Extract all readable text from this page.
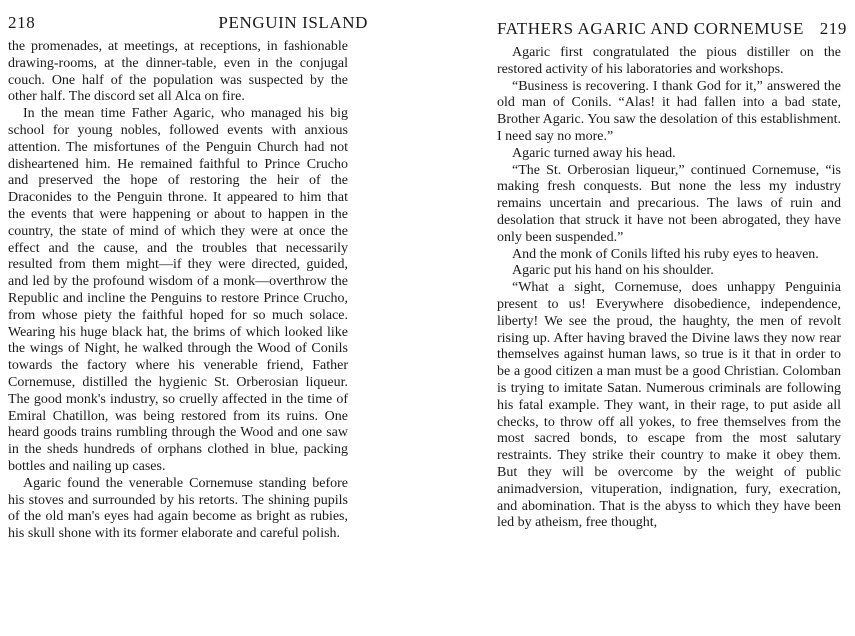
218	PENGUIN ISLAND

the promenades, at meetings, at receptions, in fashionable drawing-rooms, at the dinner-table, even in the conjugal couch. One half of the population was suspected by the other half. The discord set all Alca on fire.

In the mean time Father Agaric, who managed his big school for young nobles, followed events with anxious attention. The misfortunes of the Penguin Church had not disheartened him. He remained faithful to Prince Crucho and preserved the hope of restoring the heir of the Draconides to the Penguin throne. It appeared to him that the events that were happening or about to happen in the country, the state of mind of which they were at once the effect and the cause, and the troubles that necessarily resulted from them might—if they were directed, guided, and led by the profound wisdom of a monk—overthrow the Republic and incline the Penguins to restore Prince Crucho, from whose piety the faithful hoped for so much solace. Wearing his huge black hat, the brims of which looked like the wings of Night, he walked through the Wood of Conils towards the factory where his venerable friend, Father Cornemuse, distilled the hygienic St. Orberosian liqueur. The good monk's industry, so cruelly affected in the time of Emiral Chatillon, was being restored from its ruins. One heard goods trains rumbling through the Wood and one saw in the sheds hundreds of orphans clothed in blue, packing bottles and nailing up cases.

Agaric found the venerable Cornemuse standing before his stoves and surrounded by his retorts. The shining pupils of the old man's eyes had again become as bright as rubies, his skull shone with its former elaborate and careful polish.

FATHERS AGARIC AND CORNEMUSE 219

Agaric first congratulated the pious distiller on the restored activity of his laboratories and workshops.

“Business is recovering. I thank God for it,” answered the old man of Conils. “Alas! it had fallen into a bad state, Brother Agaric. You saw the desolation of this establishment. I need say no more.”

Agaric turned away his head.

“The St. Orberosian liqueur,” continued Cornemuse, “is making fresh conquests. But none the less my industry remains uncertain and precarious. The laws of ruin and desolation that struck it have not been abrogated, they have only been suspended.”

And the monk of Conils lifted his ruby eyes to heaven.

Agaric put his hand on his shoulder.

“What a sight, Cornemuse, does unhappy Penguinia present to us! Everywhere disobedience, independence, liberty! We see the proud, the haughty, the men of revolt rising up. After having braved the Divine laws they now rear themselves against human laws, so true is it that in order to be a good citizen a man must be a good Christian. Colomban is trying to imitate Satan. Numerous criminals are following his fatal example. They want, in their rage, to put aside all checks, to throw off all yokes, to free themselves from the most sacred bonds, to escape from the most salutary restraints. They strike their country to make it obey them. But they will be overcome by the weight of public animadversion, vituperation, indignation, fury, execration, and abomination. That is the abyss to which they have been led by atheism, free thought,
